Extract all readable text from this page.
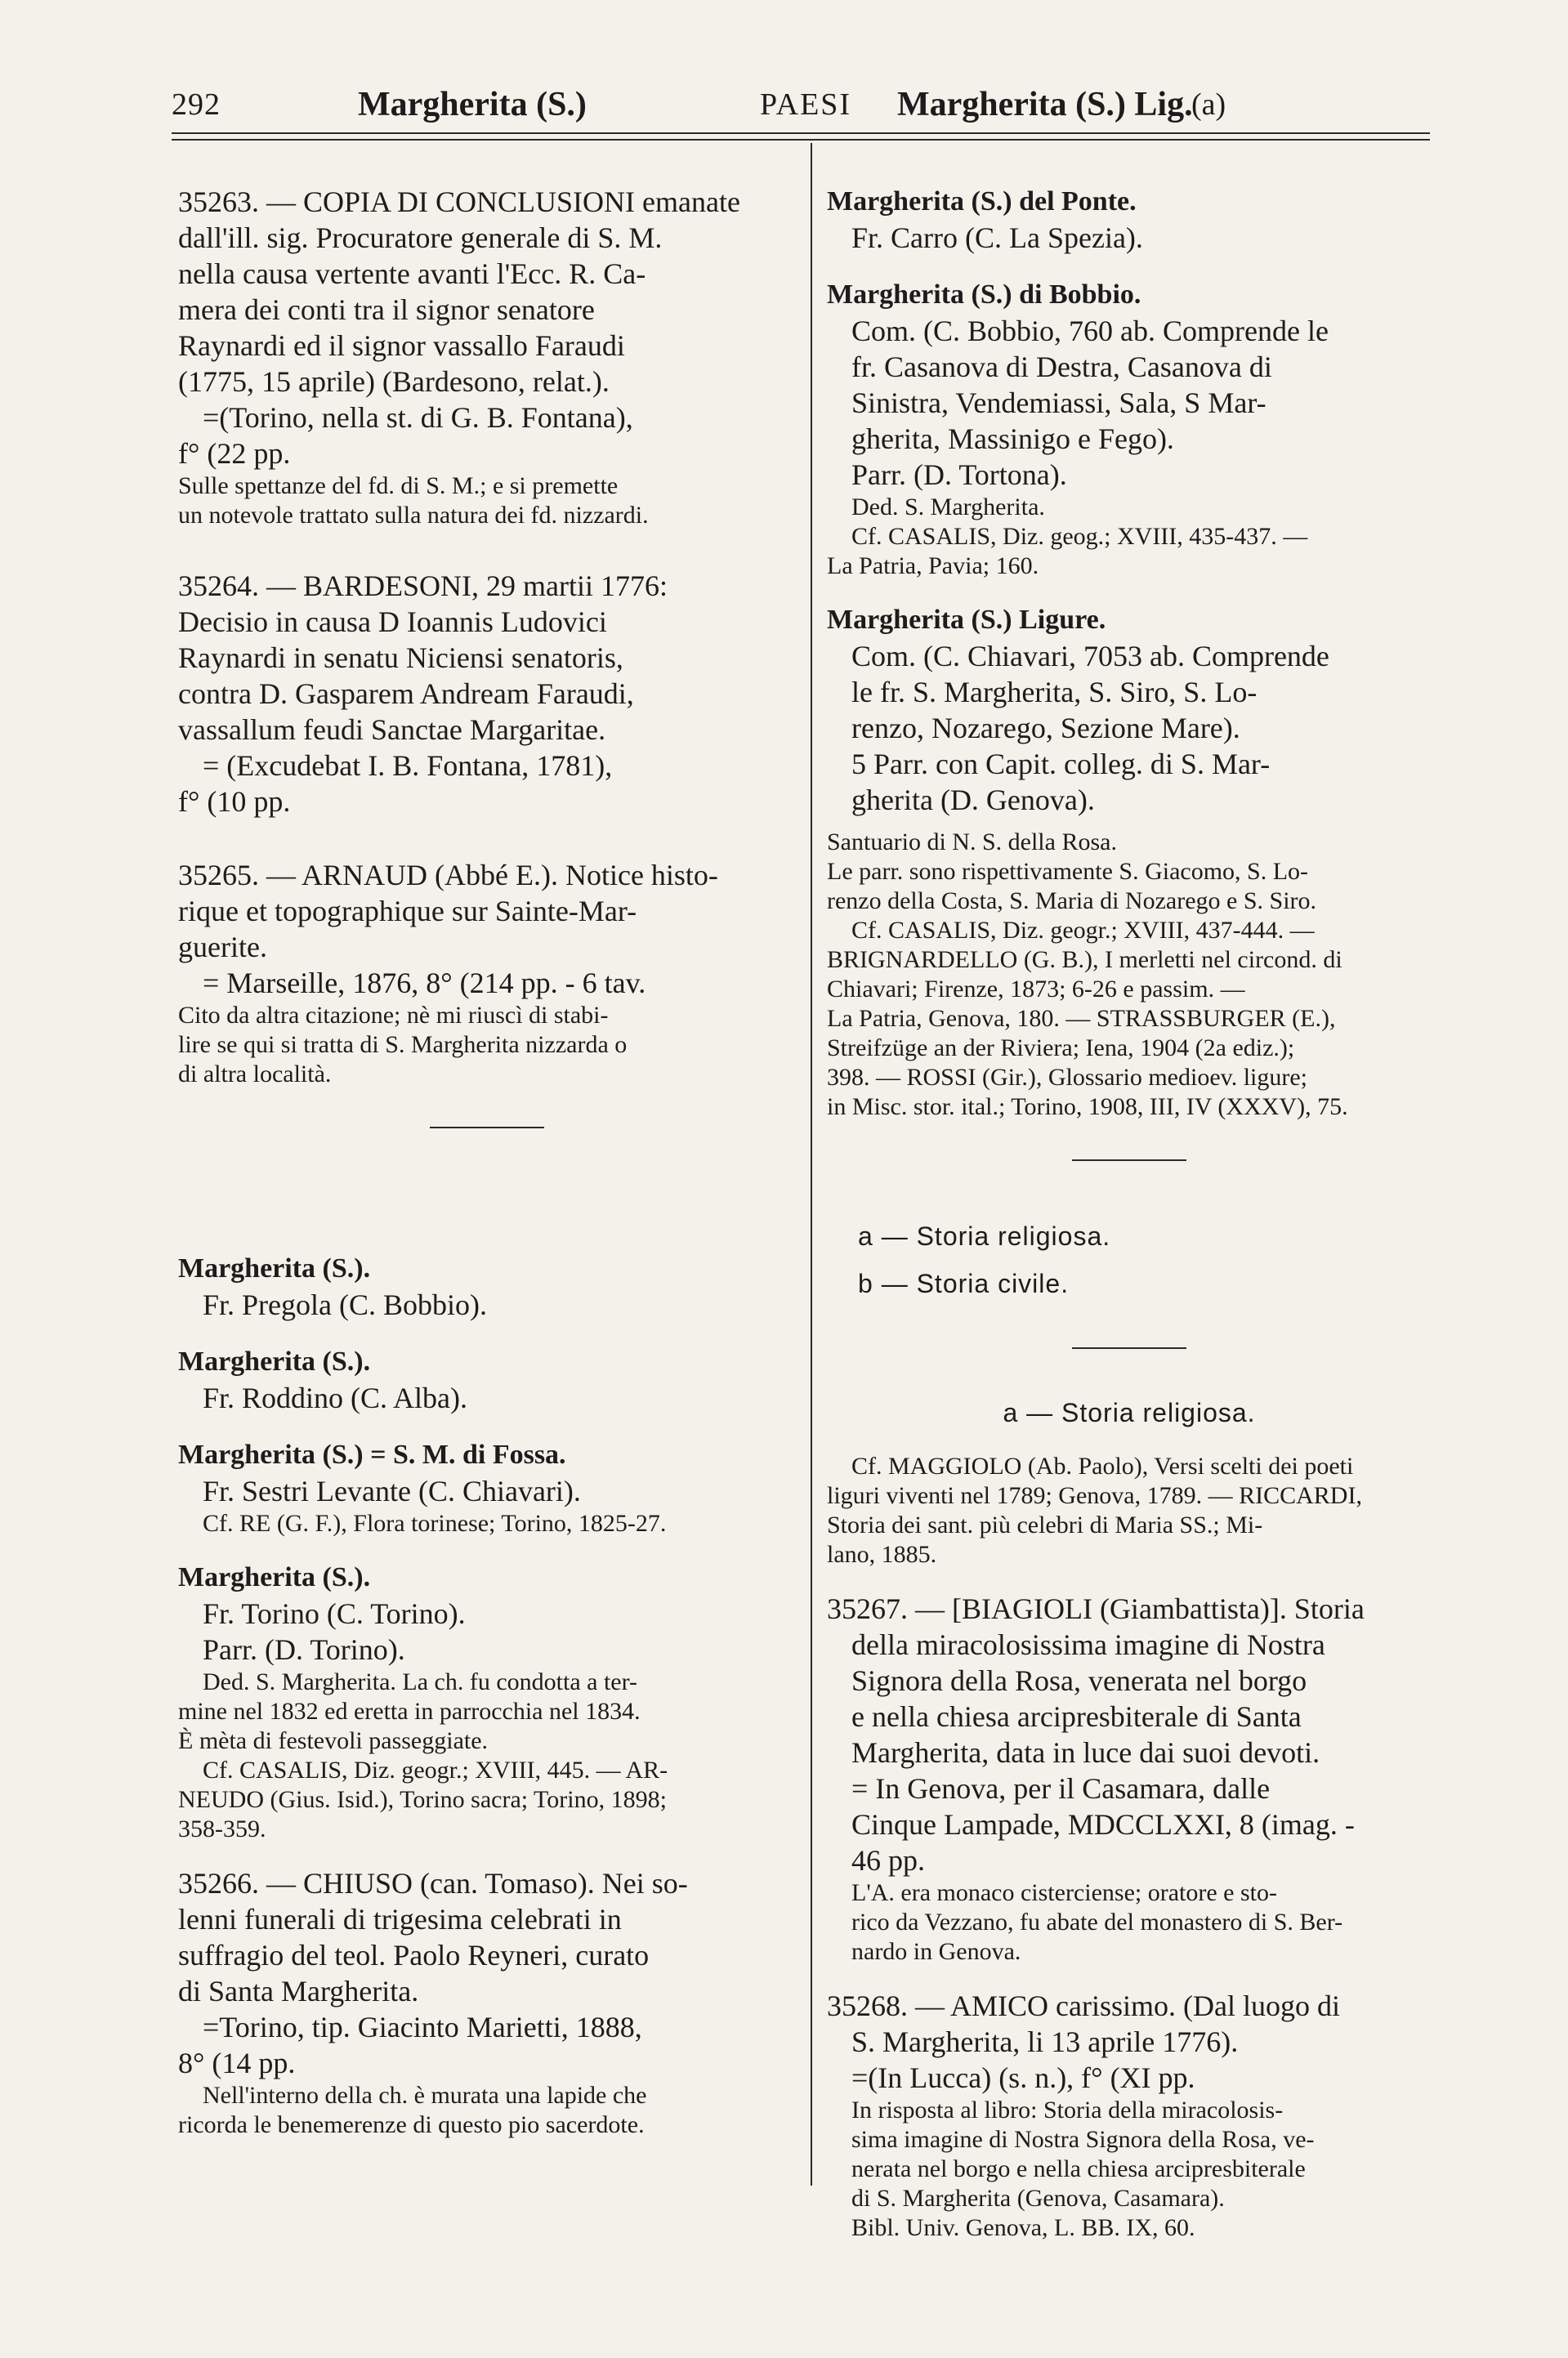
292	Margherita (S.)	PAESI Margherita (S.) Lig.
(a)

35263. — COPIA DI CONCLUSIONI emanate

dall'ill. sig. Procuratore generale di S. M.

nella causa vertente avanti l'Ecc. R. Ca-

mera dei conti tra il signor senatore

Raynardi ed il signor vassallo Faraudi

(1775, 15 aprile) (Bardesono, relat.).

=(Torino, nella st. di G. B. Fontana),

f° (22 pp.

Sulle spettanze del fd. di S. M.; e si premette

un notevole trattato sulla natura dei fd. nizzardi.

35264. — BARDESONI, 29 martii 1776:

Decisio in causa D Ioannis Ludovici

Raynardi in senatu Niciensi senatoris,

contra D. Gasparem Andream Faraudi,

vassallum feudi Sanctae Margaritae.

= (Excudebat I. B. Fontana, 1781),

f° (10 pp.

35265. — ARNAUD (Abbé E.). Notice histo-

rique et topographique sur Sainte-Mar-

guerite.

= Marseille, 1876, 8° (214 pp. - 6 tav.

Cito da altra citazione; nè mi riuscì di stabi-

lire se qui si tratta di S. Margherita nizzarda o

di altra località.

Margherita (S.).

Fr. Pregola (C. Bobbio).

Margherita (S.).

Fr. Roddino (C. Alba).

Margherita (S.) = S. M. di Fossa.

Fr. Sestri Levante (C. Chiavari).

Cf. RE (G. F.), Flora torinese; Torino, 1825-27.

Margherita (S.).

Fr. Torino (C. Torino).

Parr. (D. Torino).

Ded. S. Margherita. La ch. fu condotta a ter-

mine nel 1832 ed eretta in parrocchia nel 1834.

È mèta di festevoli passeggiate.

Cf. CASALIS, Diz. geogr.; XVIII, 445. — AR-

NEUDO (Gius. Isid.), Torino sacra; Torino, 1898;

358-359.

35266. — CHIUSO (can. Tomaso). Nei so-

lenni funerali di trigesima celebrati in

suffragio del teol. Paolo Reyneri, curato

di Santa Margherita.

=Torino, tip. Giacinto Marietti, 1888,

8° (14 pp.

Nell'interno della ch. è murata una lapide che

ricorda le benemerenze di questo pio sacerdote.

Margherita (S.) del Ponte.

Fr. Carro (C. La Spezia).

Margherita (S.) di Bobbio.

Com. (C. Bobbio, 760 ab. Comprende le

fr. Casanova di Destra, Casanova di

Sinistra, Vendemiassi, Sala, S Mar-

gherita, Massinigo e Fego).

Parr. (D. Tortona).

Ded. S. Margherita.

Cf. CASALIS, Diz. geog.; XVIII, 435-437. —

La Patria, Pavia; 160.

Margherita (S.) Ligure.

Com. (C. Chiavari, 7053 ab. Comprende

le fr. S. Margherita, S. Siro, S. Lo-

renzo, Nozarego, Sezione Mare).

5 Parr. con Capit. colleg. di S. Mar-

gherita (D. Genova).

Santuario di N. S. della Rosa.

Le parr. sono rispettivamente S. Giacomo, S. Lo-

renzo della Costa, S. Maria di Nozarego e S. Siro.

Cf. CASALIS, Diz. geogr.; XVIII, 437-444. —

BRIGNARDELLO (G. B.), I merletti nel circond. di

Chiavari; Firenze, 1873; 6-26 e passim. —

La Patria, Genova, 180. — STRASSBURGER (E.),

Streifzüge an der Riviera; Iena, 1904 (2a ediz.);

398. — ROSSI (Gir.), Glossario medioev. ligure;

in Misc. stor. ital.; Torino, 1908, III, IV (XXXV), 75.

a — Storia religiosa.

b — Storia civile.

a — Storia religiosa.

Cf. MAGGIOLO (Ab. Paolo), Versi scelti dei poeti

liguri viventi nel 1789; Genova, 1789. — RICCARDI,

Storia dei sant. più celebri di Maria SS.; Mi-

lano, 1885.

35267. — [BIAGIOLI (Giambattista)]. Storia

della miracolosissima imagine di Nostra

Signora della Rosa, venerata nel borgo

e nella chiesa arcipresbiterale di Santa

Margherita, data in luce dai suoi devoti.

= In Genova, per il Casamara, dalle

Cinque Lampade, MDCCLXXI, 8 (imag. -

46 pp.

L'A. era monaco cisterciense; oratore e sto-

rico da Vezzano, fu abate del monastero di S. Ber-

nardo in Genova.

35268. — AMICO carissimo. (Dal luogo di

S. Margherita, li 13 aprile 1776).

=(In Lucca) (s. n.), f° (XI pp.

In risposta al libro: Storia della miracolosis-

sima imagine di Nostra Signora della Rosa, ve-

nerata nel borgo e nella chiesa arcipresbiterale

di S. Margherita (Genova, Casamara).

Bibl. Univ. Genova, L. BB. IX, 60.
